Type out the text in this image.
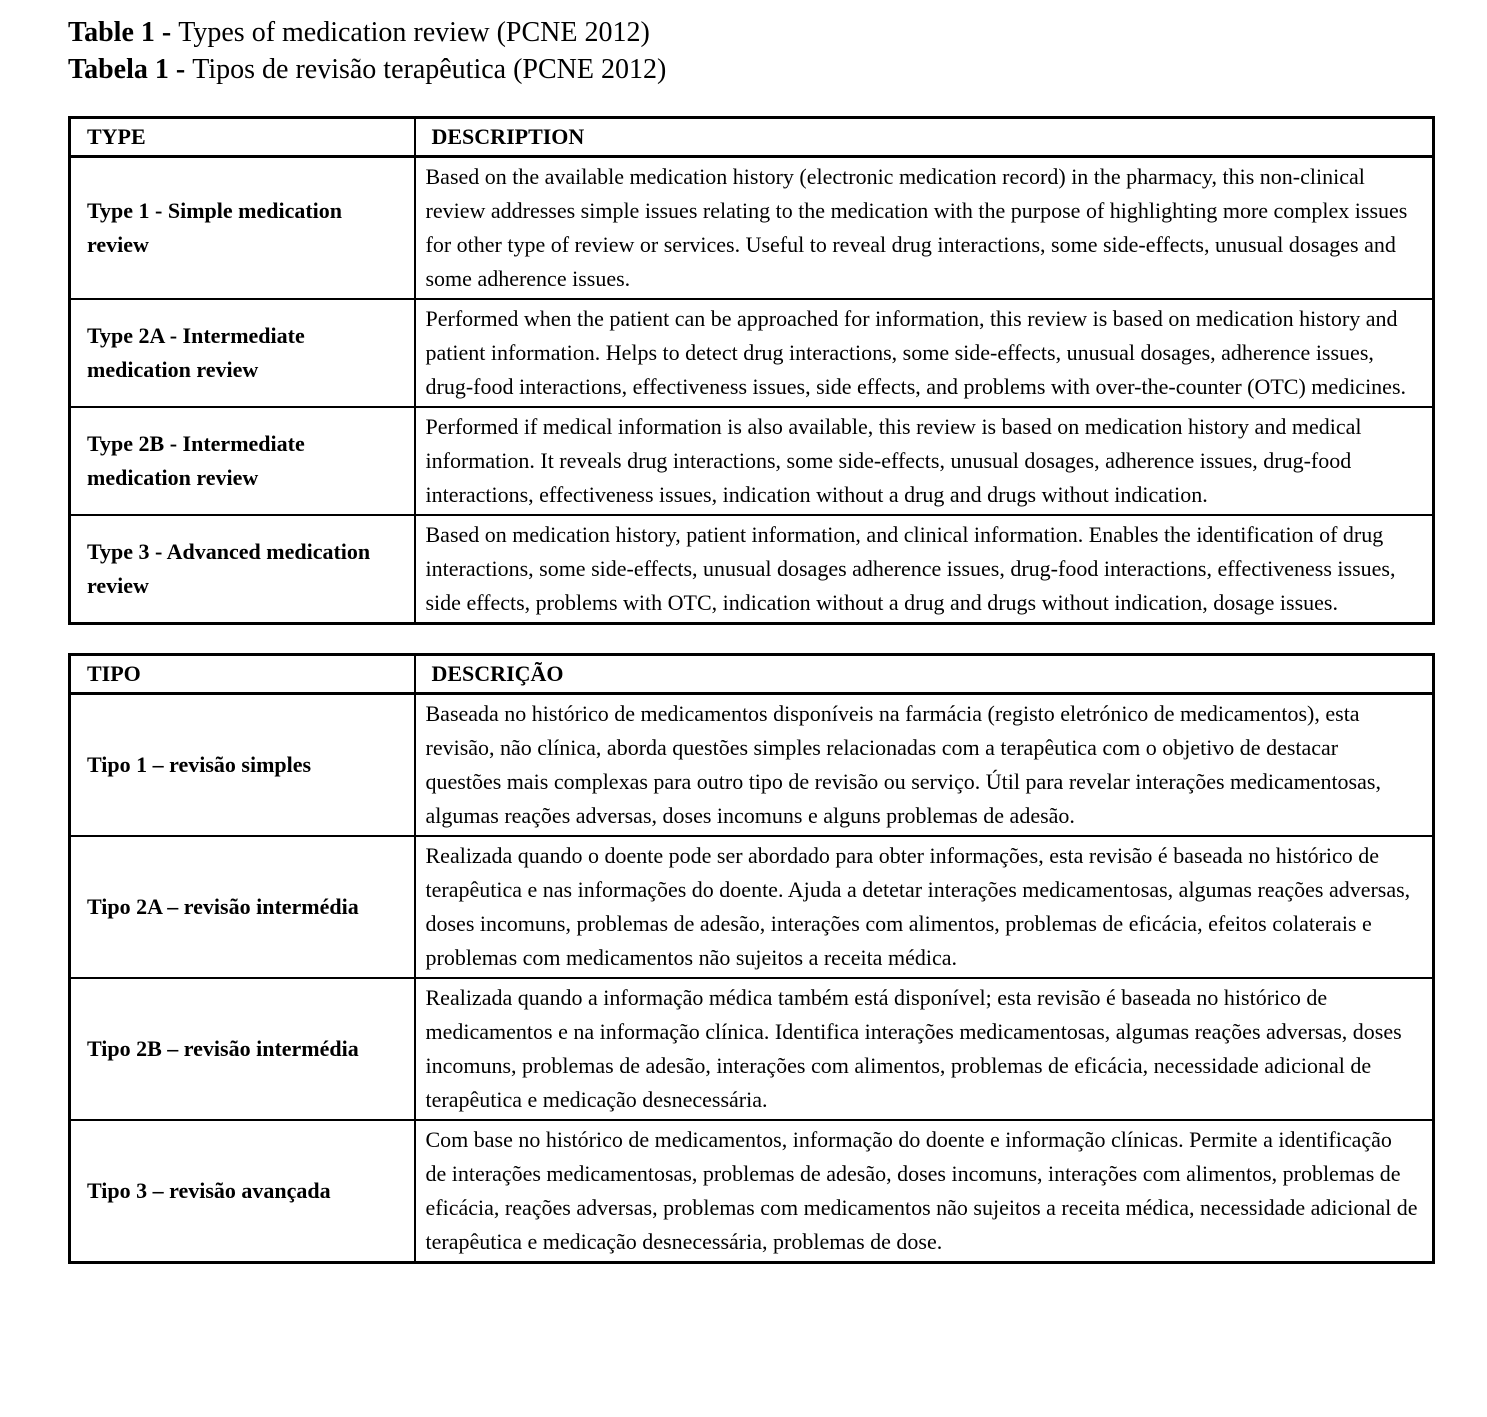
Table 1 - Types of medication review (PCNE 2012)
Tabela 1 - Tipos de revisão terapêutica (PCNE 2012)
TYPE	DESCRIPTION
Type 1 - Simple medication review	Based on the available medication history (electronic medication record) in the pharmacy, this non-clinical review addresses simple issues relating to the medication with the purpose of highlighting more complex issues for other type of review or services. Useful to reveal drug interactions, some side-effects, unusual dosages and some adherence issues.
Type 2A - Intermediate medication review	Performed when the patient can be approached for information, this review is based on medication history and patient information. Helps to detect drug interactions, some side-effects, unusual dosages, adherence issues, drug-food interactions, effectiveness issues, side effects, and problems with over-the-counter (OTC) medicines.
Type 2B - Intermediate medication review	Performed if medical information is also available, this review is based on medication history and medical information. It reveals drug interactions, some side-effects, unusual dosages, adherence issues, drug-food interactions, effectiveness issues, indication without a drug and drugs without indication.
Type 3 - Advanced medication review	Based on medication history, patient information, and clinical information. Enables the identification of drug interactions, some side-effects, unusual dosages adherence issues, drug-food interactions, effectiveness issues, side effects, problems with OTC, indication without a drug and drugs without indication, dosage issues.
TIPO	DESCRIÇÃO
Tipo 1 – revisão simples	Baseada no histórico de medicamentos disponíveis na farmácia (registo eletrónico de medicamentos), esta revisão, não clínica, aborda questões simples relacionadas com a terapêutica com o objetivo de destacar questões mais complexas para outro tipo de revisão ou serviço. Útil para revelar interações medicamentosas, algumas reações adversas, doses incomuns e alguns problemas de adesão.
Tipo 2A – revisão intermédia	Realizada quando o doente pode ser abordado para obter informações, esta revisão é baseada no histórico de terapêutica e nas informações do doente. Ajuda a detetar interações medicamentosas, algumas reações adversas, doses incomuns, problemas de adesão, interações com alimentos, problemas de eficácia, efeitos colaterais e problemas com medicamentos não sujeitos a receita médica.
Tipo 2B – revisão intermédia	Realizada quando a informação médica também está disponível; esta revisão é baseada no histórico de medicamentos e na informação clínica. Identifica interações medicamentosas, algumas reações adversas, doses incomuns, problemas de adesão, interações com alimentos, problemas de eficácia, necessidade adicional de terapêutica e medicação desnecessária.
Tipo 3 – revisão avançada	Com base no histórico de medicamentos, informação do doente e informação clínicas. Permite a identificação de interações medicamentosas, problemas de adesão, doses incomuns, interações com alimentos, problemas de eficácia, reações adversas, problemas com medicamentos não sujeitos a receita médica, necessidade adicional de terapêutica e medicação desnecessária, problemas de dose.
